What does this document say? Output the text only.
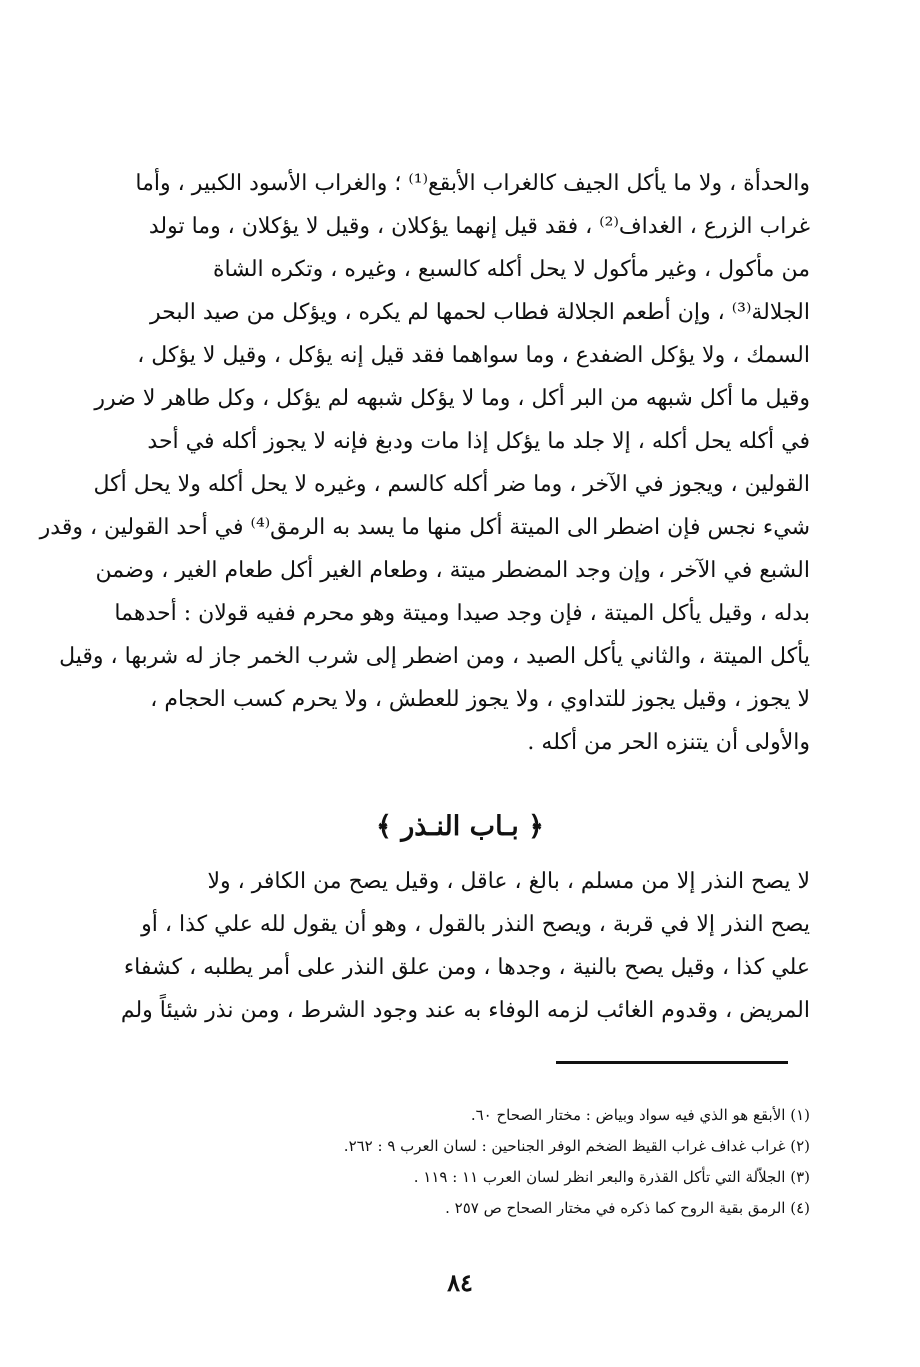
والحدأة ، ولا ما يأكل الجيف كالغراب الأبقع⁽¹⁾ ؛ والغراب الأسود الكبير ، وأما
غراب الزرع ، الغداف⁽²⁾ ، فقد قيل إنهما يؤكلان ، وقيل لا يؤكلان ، وما تولد
من مأكول ، وغير مأكول لا يحل أكله كالسبع ، وغيره ، وتكره الشاة
الجلالة⁽³⁾ ، وإن أطعم الجلالة فطاب لحمها لم يكره ، ويؤكل من صيد البحر
السمك ، ولا يؤكل الضفدع ، وما سواهما فقد قيل إنه يؤكل ، وقيل لا يؤكل ،
وقيل ما أكل شبهه من البر أكل ، وما لا يؤكل شبهه لم يؤكل ، وكل طاهر لا ضرر
في أكله يحل أكله ، إلا جلد ما يؤكل إذا مات ودبغ فإنه لا يجوز أكله في أحد
القولين ، ويجوز في الآخر ، وما ضر أكله كالسم ، وغيره لا يحل أكله ولا يحل أكل
شيء نجس فإن اضطر الى الميتة أكل منها ما يسد به الرمق⁽⁴⁾ في أحد القولين ، وقدر
الشبع في الآخر ، وإن وجد المضطر ميتة ، وطعام الغير أكل طعام الغير ، وضمن
بدله ، وقيل يأكل الميتة ، فإن وجد صيدا وميتة وهو محرم ففيه قولان : أحدهما
يأكل الميتة ، والثاني يأكل الصيد ، ومن اضطر إلى شرب الخمر جاز له شربها ، وقيل
لا يجوز ، وقيل يجوز للتداوي ، ولا يجوز للعطش ، ولا يحرم كسب الحجام ،
والأولى أن يتنزه الحر من أكله .
﴿ بـاب النـذر ﴾
لا يصح النذر إلا من مسلم ، بالغ ، عاقل ، وقيل يصح من الكافر ، ولا
يصح النذر إلا في قربة ، ويصح النذر بالقول ، وهو أن يقول لله علي كذا ، أو
علي كذا ، وقيل يصح بالنية ، وجدها ، ومن علق النذر على أمر يطلبه ، كشفاء
المريض ، وقدوم الغائب لزمه الوفاء به عند وجود الشرط ، ومن نذر شيئاً ولم
(١) الأبقع هو الذي فيه سواد وبياض : مختار الصحاح ٦٠.
(٢) غراب غداف غراب القيظ الضخم الوفر الجناحين : لسان العرب ٩ : ٢٦٢.
(٣) الجلاّلة التي تأكل القذرة والبعر انظر لسان العرب ١١ : ١١٩ .
(٤) الرمق بقية الروح كما ذكره في مختار الصحاح ص ٢٥٧ .
٨٤
